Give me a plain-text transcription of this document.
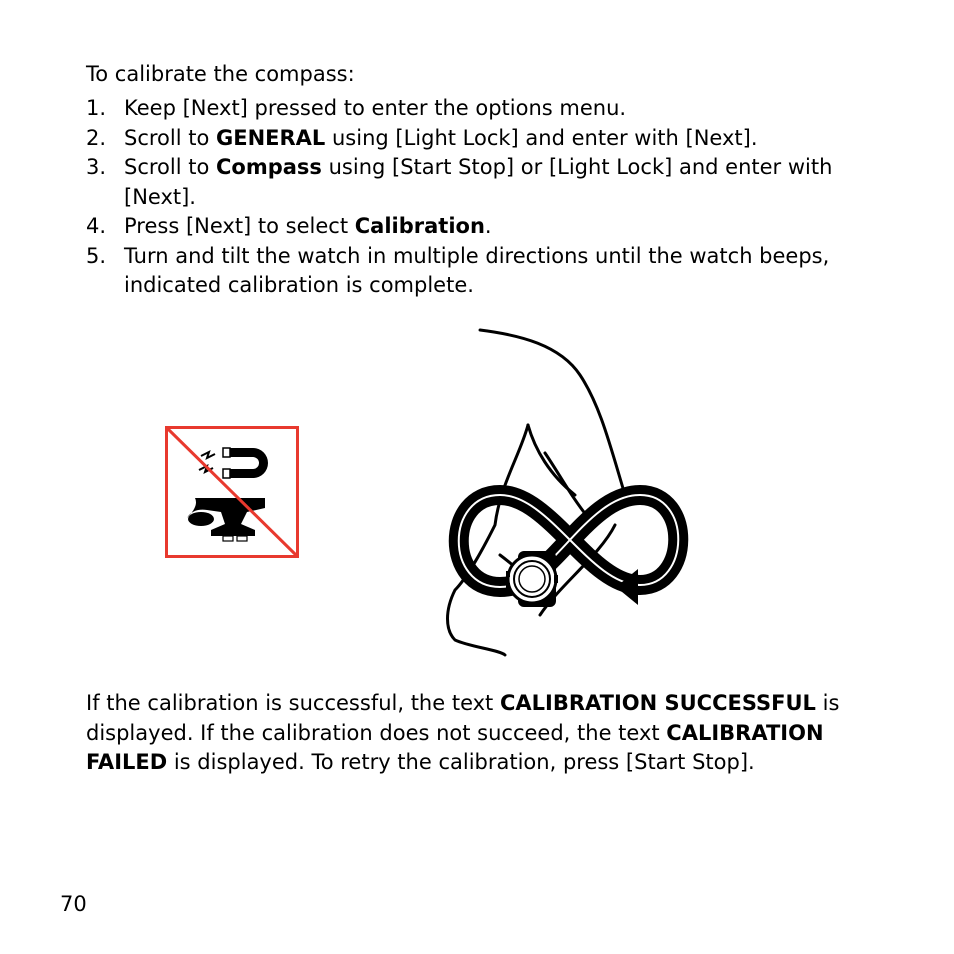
To calibrate the compass:

1. Keep [Next] pressed to enter the options menu.
2. Scroll to GENERAL using [Light Lock] and enter with [Next].
3. Scroll to Compass using [Start Stop] or [Light Lock] and enter with [Next].
4. Press [Next] to select Calibration.
5. Turn and tilt the watch in multiple directions until the watch beeps, indicated calibration is complete.

If the calibration is successful, the text CALIBRATION SUCCESSFUL is displayed. If the calibration does not succeed, the text CALIBRATION FAILED is displayed. To retry the calibration, press [Start Stop].

70
